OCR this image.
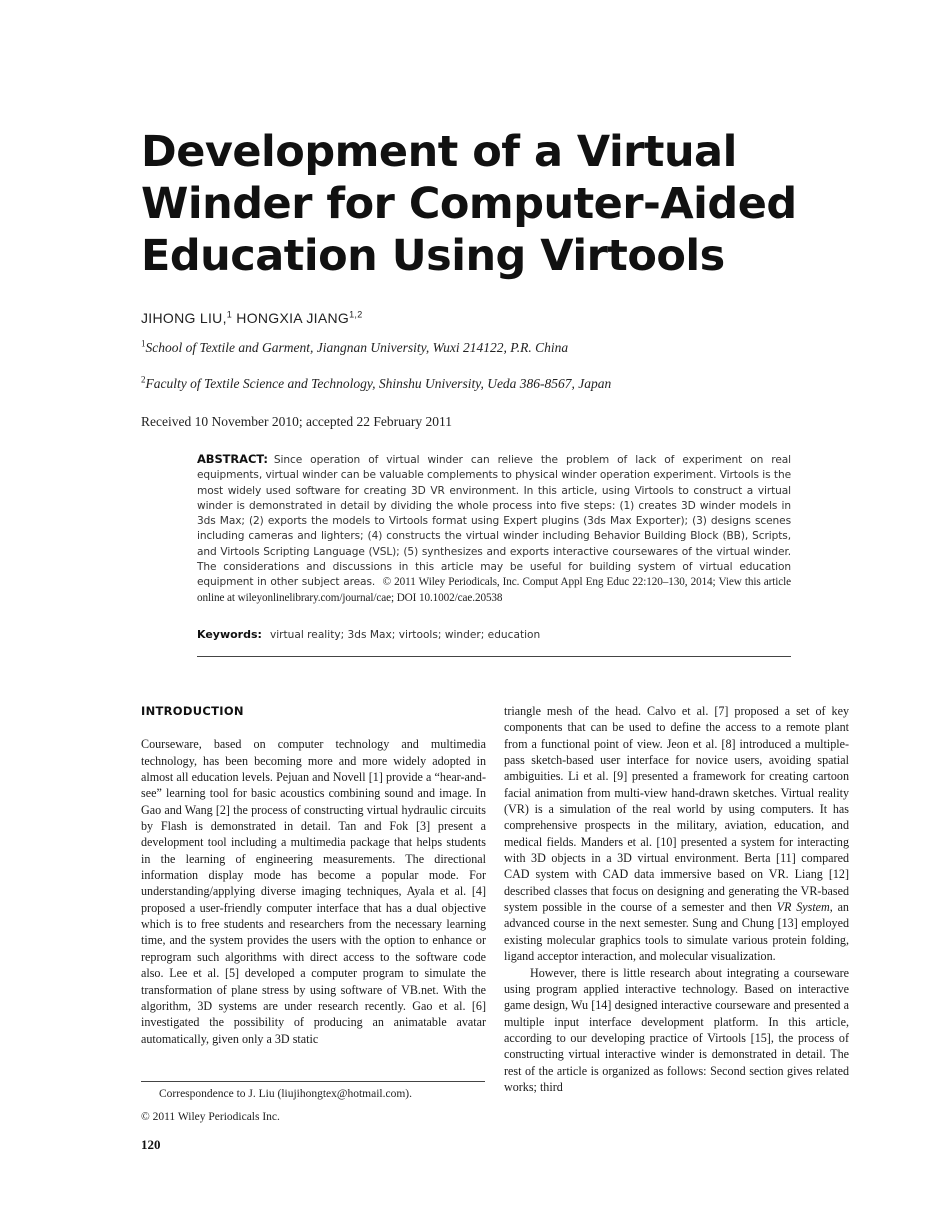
Development of a Virtual
Winder for Computer-Aided
Education Using Virtools
JIHONG LIU,$^1$ HONGXIA JIANG$^{1,2}$
$^1$School of Textile and Garment, Jiangnan University, Wuxi 214122, P.R. China
$^2$Faculty of Textile Science and Technology, Shinshu University, Ueda 386-8567, Japan
Received 10 November 2010; accepted 22 February 2011

ABSTRACT: Since operation of virtual winder can relieve the problem of lack of experiment on real equipments, virtual winder can be valuable complements to physical winder operation experiment. Virtools is the most widely used software for creating 3D VR environment. In this article, using Virtools to construct a virtual winder is demonstrated in detail by dividing the whole process into five steps: (1) creates 3D winder models in 3ds Max; (2) exports the models to Virtools format using Expert plugins (3ds Max Exporter); (3) designs scenes including cameras and lighters; (4) constructs the virtual winder including Behavior Building Block (BB), Scripts, and Virtools Scripting Language (VSL); (5) synthesizes and exports interactive coursewares of the virtual winder. The considerations and discussions in this article may be useful for building system of virtual education equipment in other subject areas. © 2011 Wiley Periodicals, Inc. Comput Appl Eng Educ 22:120–130, 2014; View this article online at wileyonlinelibrary.com/journal/cae; DOI 10.1002/cae.20538

Keywords: virtual reality; 3ds Max; virtools; winder; education
INTRODUCTION

Courseware, based on computer technology and multimedia technology, has been becoming more and more widely adopted in almost all education levels. Pejuan and Novell [1] provide a “hear-and-see” learning tool for basic acoustics combining sound and image. In Gao and Wang [2] the process of constructing virtual hydraulic circuits by Flash is demonstrated in detail. Tan and Fok [3] present a development tool including a multimedia package that helps students in the learning of engineering measurements. The directional information display mode has become a popular mode. For understanding/applying diverse imaging techniques, Ayala et al. [4] proposed a user-friendly computer interface that has a dual objective which is to free students and researchers from the necessary learning time, and the system provides the users with the option to enhance or reprogram such algorithms with direct access to the software code also. Lee et al. [5] developed a computer program to simulate the transformation of plane stress by using software of VB.net. With the algorithm, 3D systems are under research recently. Gao et al. [6] investigated the possibility of producing an animatable avatar automatically, given only a 3D static

triangle mesh of the head. Calvo et al. [7] proposed a set of key components that can be used to define the access to a remote plant from a functional point of view. Jeon et al. [8] introduced a multiple-pass sketch-based user interface for novice users, avoiding spatial ambiguities. Li et al. [9] presented a framework for creating cartoon facial animation from multi-view hand-drawn sketches. Virtual reality (VR) is a simulation of the real world by using computers. It has comprehensive prospects in the military, aviation, education, and medical fields. Manders et al. [10] presented a system for interacting with 3D objects in a 3D virtual environment. Berta [11] compared CAD system with CAD data immersive based on VR. Liang [12] described classes that focus on designing and generating the VR-based system possible in the course of a semester and then VR System, an advanced course in the next semester. Sung and Chung [13] employed existing molecular graphics tools to simulate various protein folding, ligand acceptor interaction, and molecular visualization.

However, there is little research about integrating a courseware using program applied interactive technology. Based on interactive game design, Wu [14] designed interactive courseware and presented a multiple input interface development platform. In this article, according to our developing practice of Virtools [15], the process of constructing virtual interactive winder is demonstrated in detail. The rest of the article is organized as follows: Second section gives related works; third

Correspondence to J. Liu (liujihongtex@hotmail.com).
© 2011 Wiley Periodicals Inc.
120
